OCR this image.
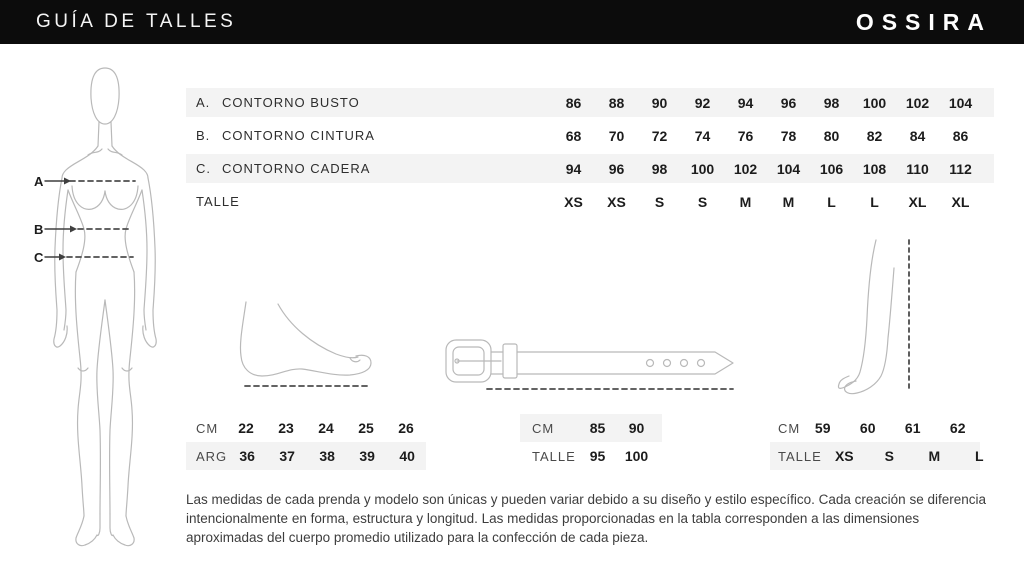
GUÍA DE TALLES	OSSIRA
A
B
C
A. CONTORNO BUSTO	86	88	90	92	94	96	98	100	102	104
B. CONTORNO CINTURA	68	70	72	74	76	78	80	82	84	86
C. CONTORNO CADERA	94	96	98	100	102	104	106	108	110	112
TALLE	XS	XS	S	S	M	M	L	L	XL	XL
CM	22	23	24	25	26
ARG 36	37	38	39	40
CM	85	90
TALLE 95	100
CM	59	60	61	62
TALLE XS	S	M	L
Las medidas de cada prenda y modelo son únicas y pueden variar debido a su diseño y estilo específico. Cada creación se diferencia intencionalmente en forma, estructura y longitud. Las medidas proporcionadas en la tabla corresponden a las dimensiones aproximadas del cuerpo promedio utilizado para la confección de cada pieza.
